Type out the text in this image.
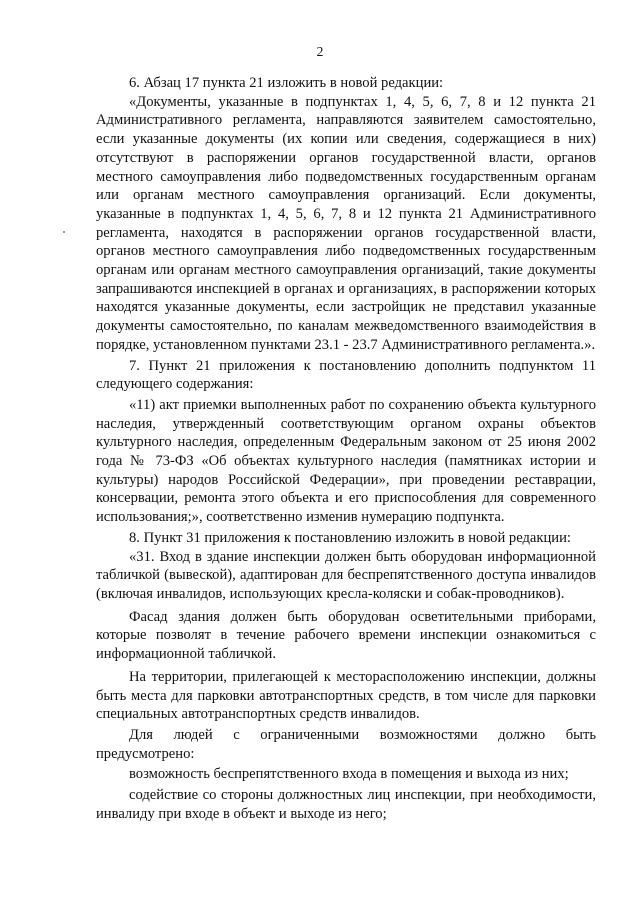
2

6. Абзац 17 пункта 21 изложить в новой редакции:

«Документы, указанные в подпунктах 1, 4, 5, 6, 7, 8 и 12 пункта 21 Административного регламента, направляются заявителем самостоятельно, если указанные документы (их копии или сведения, содержащиеся в них) отсутствуют в распоряжении органов государственной власти, органов местного самоуправления либо подведомственных государственным органам или органам местного самоуправления организаций. Если документы, указанные в подпунктах 1, 4, 5, 6, 7, 8 и 12 пункта 21 Административного регламента, находятся в распоряжении органов государственной власти, органов местного самоуправления либо подведомственных государственным органам или органам местного самоуправления организаций, такие документы запрашиваются инспекцией в органах и организациях, в распоряжении которых находятся указанные документы, если застройщик не представил указанные документы самостоятельно, по каналам межведомственного взаимодействия в порядке, установленном пунктами 23.1 - 23.7 Административного регламента.».

7. Пункт 21 приложения к постановлению дополнить подпунктом 11 следующего содержания:

«11) акт приемки выполненных работ по сохранению объекта культурного наследия, утвержденный соответствующим органом охраны объектов культурного наследия, определенным Федеральным законом от 25 июня 2002 года № 73-ФЗ «Об объектах культурного наследия (памятниках истории и культуры) народов Российской Федерации», при проведении реставрации, консервации, ремонта этого объекта и его приспособления для современного использования;», соответственно изменив нумерацию подпункта.

8. Пункт 31 приложения к постановлению изложить в новой редакции:

«31. Вход в здание инспекции должен быть оборудован информационной табличкой (вывеской), адаптирован для беспрепятственного доступа инвалидов (включая инвалидов, использующих кресла-коляски и собак-проводников).

Фасад здания должен быть оборудован осветительными приборами, которые позволят в течение рабочего времени инспекции ознакомиться с информационной табличкой.

На территории, прилегающей к месторасположению инспекции, должны быть места для парковки автотранспортных средств, в том числе для парковки специальных автотранспортных средств инвалидов.

Для людей с ограниченными возможностями должно быть предусмотрено:

возможность беспрепятственного входа в помещения и выхода из них;

содействие со стороны должностных лиц инспекции, при необходимости, инвалиду при входе в объект и выходе из него;
